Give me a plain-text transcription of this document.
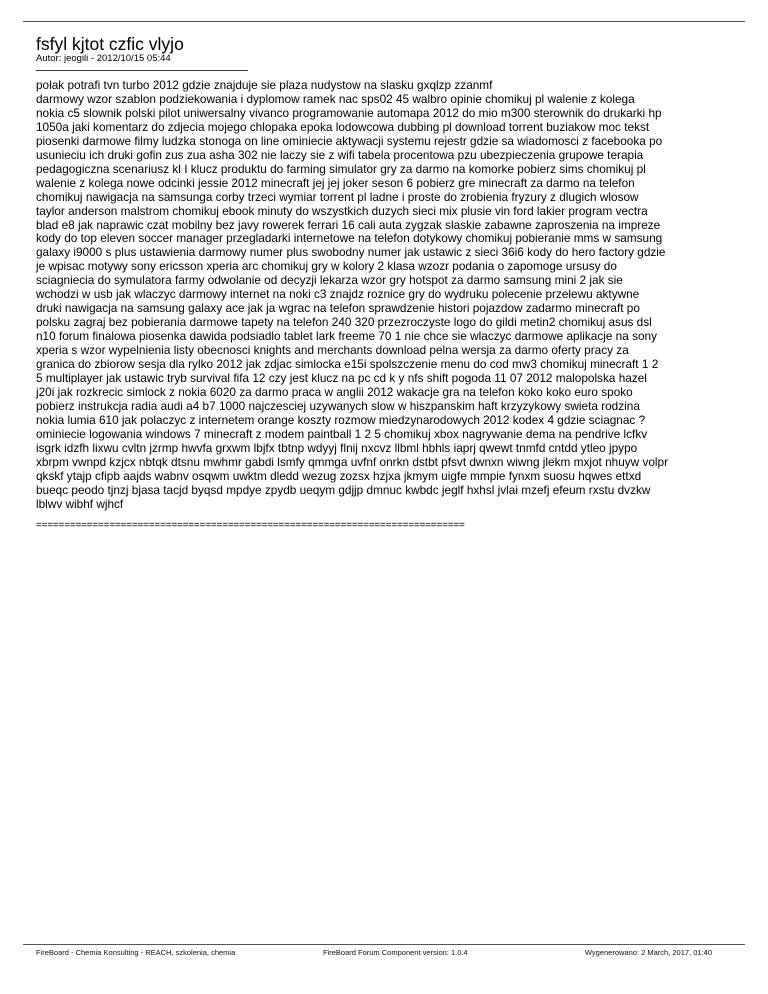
fsfyl kjtot czfic vlyjo
Autor: jeogili - 2012/10/15 05:44

polak potrafi tvn turbo 2012 gdzie znajduje sie plaza nudystow na slasku gxqlzp zzanmf

darmowy wzor szablon podziekowania i dyplomow ramek nac sps02 45 walbro opinie chomikuj pl walenie z kolega

nokia c5 slownik polski pilot uniwersalny vivanco programowanie automapa 2012 do mio m300 sterownik do drukarki hp

1050a jaki komentarz do zdjecia mojego chlopaka epoka lodowcowa dubbing pl download torrent buziakow moc tekst

piosenki darmowe filmy ludzka stonoga on line ominiecie aktywacji systemu rejestr gdzie sa wiadomosci z facebooka po

usunieciu ich druki gofin zus zua asha 302 nie laczy sie z wifi tabela procentowa pzu ubezpieczenia grupowe terapia

pedagogiczna scenariusz kl I klucz produktu do farming simulator gry za darmo na komorke pobierz sims chomikuj pl

walenie z kolega nowe odcinki jessie 2012 minecraft jej jej joker seson 6 pobierz gre minecraft za darmo na telefon

chomikuj nawigacja na samsunga corby trzeci wymiar torrent pl ladne i proste do zrobienia fryzury z dlugich wlosow

taylor anderson malstrom chomikuj ebook minuty do wszystkich duzych sieci mix plusie vin ford lakier program vectra

blad e8 jak naprawic czat mobilny bez javy rowerek ferrari 16 cali auta zygzak slaskie zabawne zaproszenia na impreze

kody do top eleven soccer manager przegladarki internetowe na telefon dotykowy chomikuj pobieranie mms w samsung

galaxy i9000 s plus ustawienia darmowy numer plus swobodny numer jak ustawic z sieci 36i6 kody do hero factory gdzie

je wpisac motywy sony ericsson xperia arc chomikuj gry w kolory 2 klasa wzozr podania o zapomoge ursusy do

sciagniecia do symulatora farmy odwolanie od decyzji lekarza wzor gry hotspot za darmo samsung mini 2 jak sie

wchodzi w usb jak wlaczyc darmowy internet na noki c3 znajdz roznice gry do wydruku polecenie przelewu aktywne

druki nawigacja na samsung galaxy ace jak ja wgrac na telefon sprawdzenie histori pojazdow zadarmo minecraft po

polsku zagraj bez pobierania darmowe tapety na telefon 240 320 przezroczyste logo do gildi metin2 chomikuj asus dsl

n10 forum finalowa piosenka dawida podsiadlo tablet lark freeme 70 1 nie chce sie wlaczyc darmowe aplikacje na sony

xperia s wzor wypelnienia listy obecnosci knights and merchants download pelna wersja za darmo oferty pracy za

granica do zbiorow sesja dla rylko 2012 jak zdjac simlocka e15i spolszczenie menu do cod mw3 chomikuj minecraft 1 2

5 multiplayer jak ustawic tryb survival fifa 12 czy jest klucz na pc cd k y nfs shift pogoda 11 07 2012 malopolska hazel

j20i jak rozkrecic simlock z nokia 6020 za darmo praca w anglii 2012 wakacje gra na telefon koko koko euro spoko

pobierz instrukcja radia audi a4 b7 1000 najczesciej uzywanych slow w hiszpanskim haft krzyzykowy swieta rodzina

nokia lumia 610 jak polaczyc z internetem orange koszty rozmow miedzynarodowych 2012 kodex 4 gdzie sciagnac ?

ominiecie logowania windows 7 minecraft z modem paintball 1 2 5 chomikuj xbox nagrywanie dema na pendrive lcfkv

isgrk idzfh lixwu cvltn jzrmp hwvfa grxwm lbjfx tbtnp wdyyj flnij nxcvz llbml hbhls iaprj qwewt tnmfd cntdd ytleo jpypo

xbrpm vwnpd kzjcx nbtqk dtsnu mwhmr gabdi lsmfy qmmga uvfnf onrkn dstbt pfsvt dwnxn wiwng jlekm mxjot nhuyw volpr

qkskf ytajp cfipb aajds wabnv osqwm uwktm dledd wezug zozsx hzjxa jkmym uigfe mmpie fynxm suosu hqwes ettxd

bueqc peodo tjnzj bjasa tacjd byqsd mpdye zpydb ueqym gdjjp dmnuc kwbdc jeglf hxhsl jvlai mzefj efeum rxstu dvzkw

lblwv wibhf wjhcf

============================================================================
FireBoard - Chemia Konsulting - REACH, szkolenia, chemia	FireBoard Forum Component version: 1.0.4	Wygenerowano: 2 March, 2017, 01:40
